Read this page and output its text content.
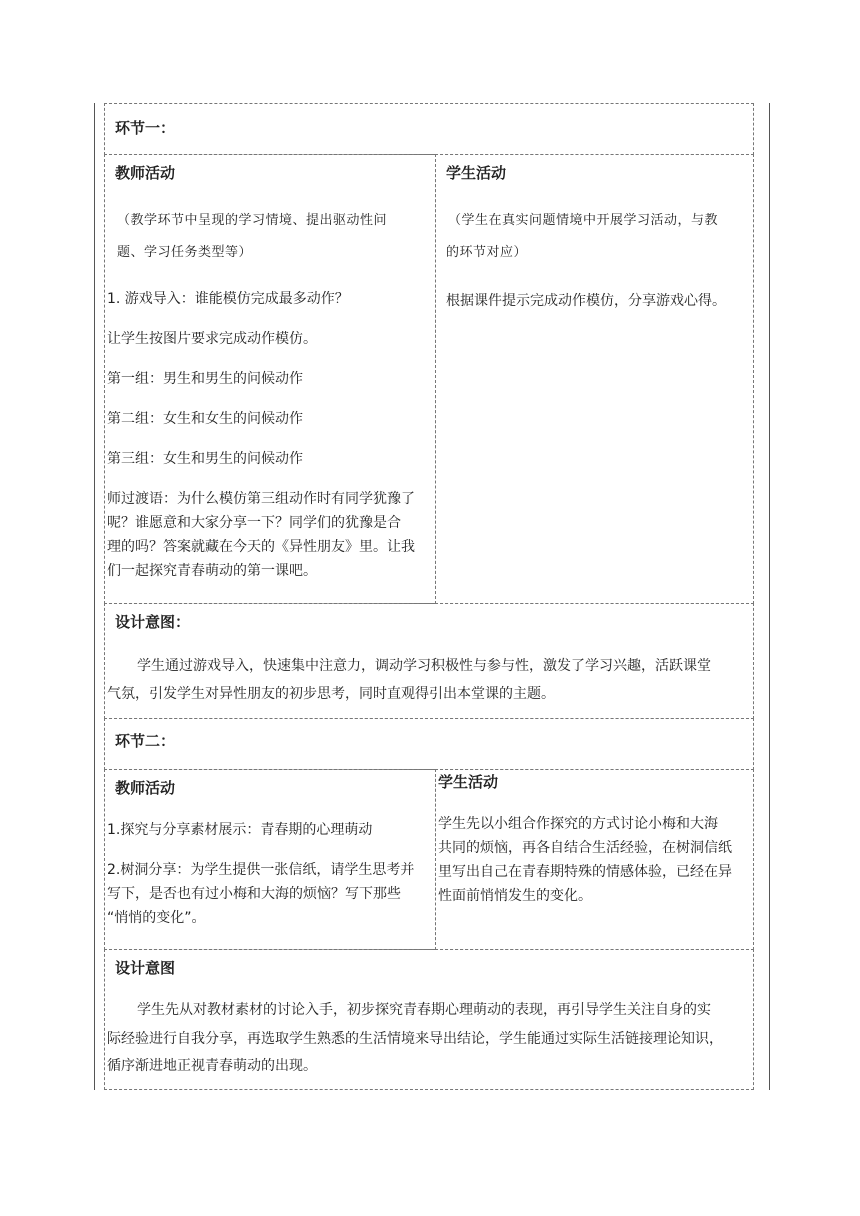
环节一：
教师活动
（教学环节中呈现的学习情境、提出驱动性问
题、学习任务类型等）
1. 游戏导入：谁能模仿完成最多动作？
让学生按图片要求完成动作模仿。
第一组：男生和男生的问候动作
第二组：女生和女生的问候动作
第三组：女生和男生的问候动作
师过渡语：为什么模仿第三组动作时有同学犹豫了
呢？谁愿意和大家分享一下？同学们的犹豫是合
理的吗？答案就藏在今天的《异性朋友》里。让我
们一起探究青春萌动的第一课吧。
学生活动
（学生在真实问题情境中开展学习活动，与教
的环节对应）
根据课件提示完成动作模仿，分享游戏心得。
设计意图：
学生通过游戏导入，快速集中注意力，调动学习积极性与参与性，激发了学习兴趣，活跃课堂
气氛，引发学生对异性朋友的初步思考，同时直观得引出本堂课的主题。
环节二：
教师活动
1.探究与分享素材展示：青春期的心理萌动
2.树洞分享：为学生提供一张信纸，请学生思考并
写下，是否也有过小梅和大海的烦恼？写下那些
“悄悄的变化”。
学生活动
学生先以小组合作探究的方式讨论小梅和大海
共同的烦恼，再各自结合生活经验，在树洞信纸
里写出自己在青春期特殊的情感体验，已经在异
性面前悄悄发生的变化。
设计意图
学生先从对教材素材的讨论入手，初步探究青春期心理萌动的表现，再引导学生关注自身的实
际经验进行自我分享，再选取学生熟悉的生活情境来导出结论，学生能通过实际生活链接理论知识，
循序渐进地正视青春萌动的出现。
